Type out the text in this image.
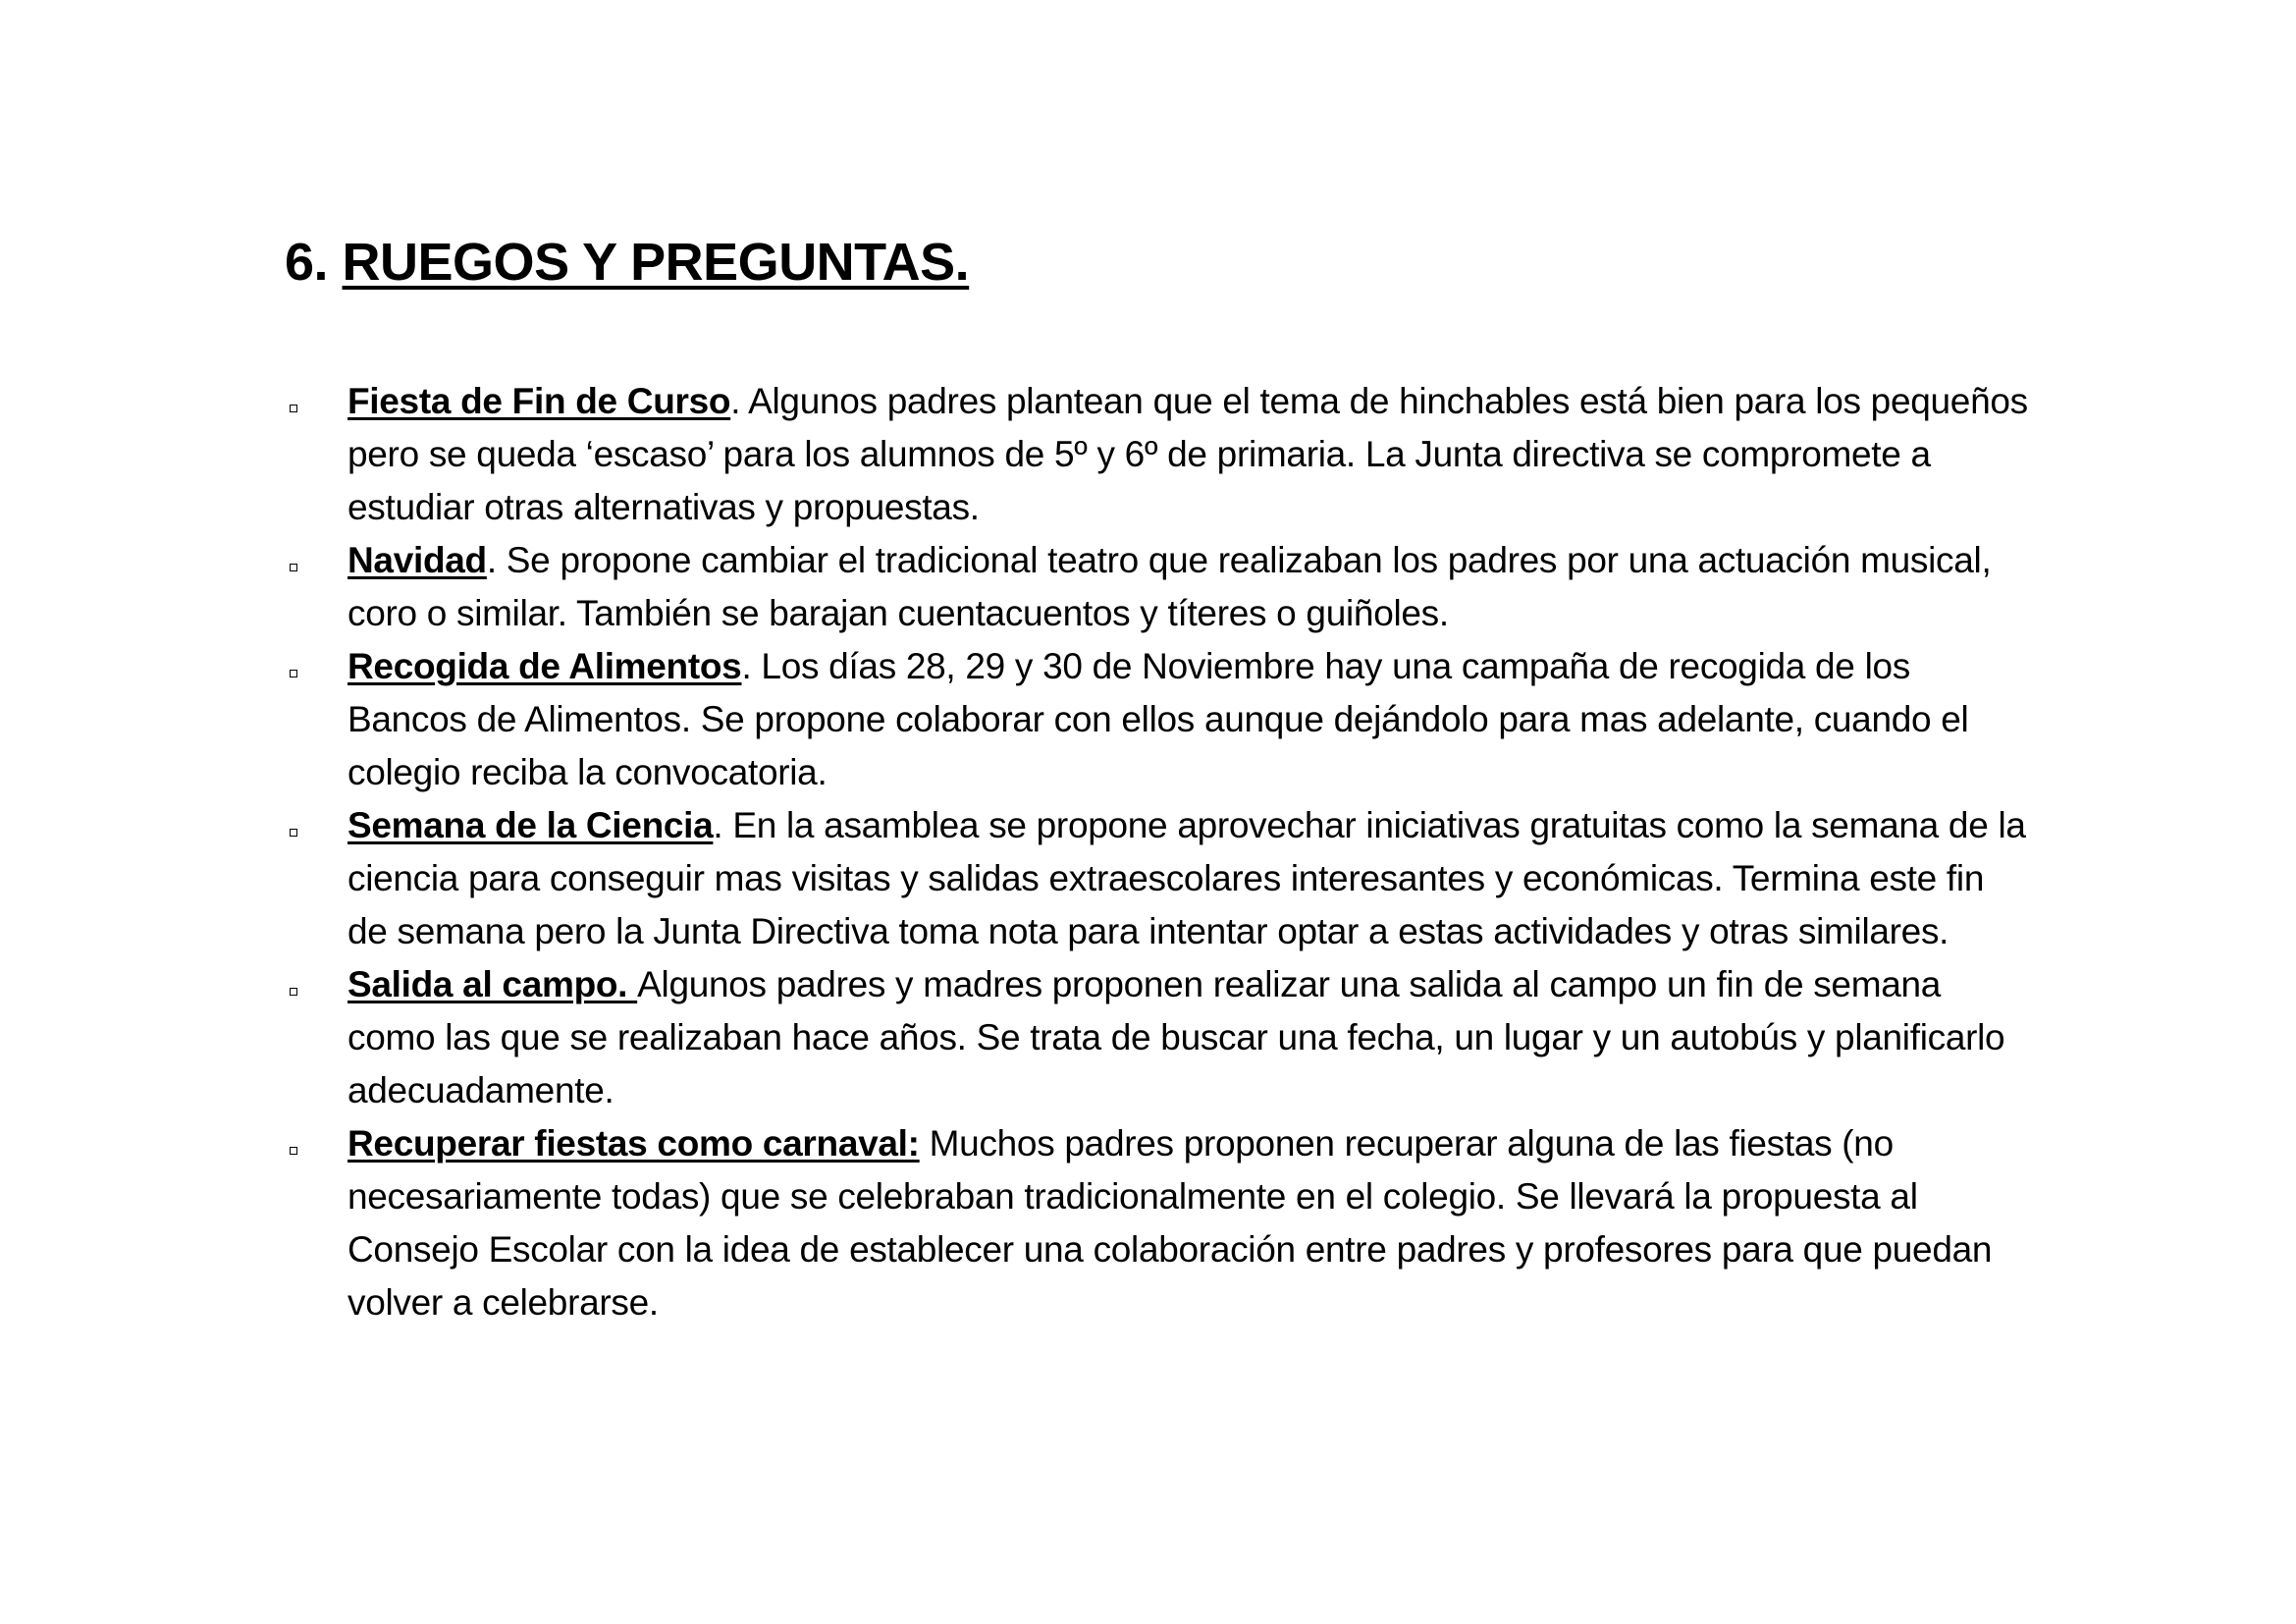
6. RUEGOS Y PREGUNTAS.
Fiesta de Fin de Curso. Algunos padres plantean que el tema de hinchables está bien para los pequeños pero se queda ‘escaso’ para los alumnos de 5º y 6º de primaria. La Junta directiva se compromete a estudiar otras alternativas y propuestas.
Navidad. Se propone cambiar el tradicional teatro que realizaban los padres por una actuación musical, coro o similar. También se barajan cuentacuentos y títeres o guiñoles.
Recogida de Alimentos. Los días 28, 29 y 30 de Noviembre hay una campaña de recogida de los Bancos de Alimentos. Se propone colaborar con ellos aunque dejándolo para mas adelante, cuando el colegio reciba la convocatoria.
Semana de la Ciencia. En la asamblea se propone aprovechar iniciativas gratuitas como la semana de la ciencia para conseguir mas visitas y salidas extraescolares interesantes y económicas. Termina este fin de semana pero la Junta Directiva toma nota para intentar optar a estas actividades y otras similares.
Salida al campo. Algunos padres y madres proponen realizar una salida al campo un fin de semana como las que se realizaban hace años. Se trata de buscar una fecha, un lugar y un autobús y planificarlo adecuadamente.
Recuperar fiestas como carnaval: Muchos padres proponen recuperar alguna de las fiestas (no necesariamente todas) que se celebraban tradicionalmente en el colegio. Se llevará la propuesta al Consejo Escolar con la idea de establecer una colaboración entre padres y profesores para que puedan volver a celebrarse.
